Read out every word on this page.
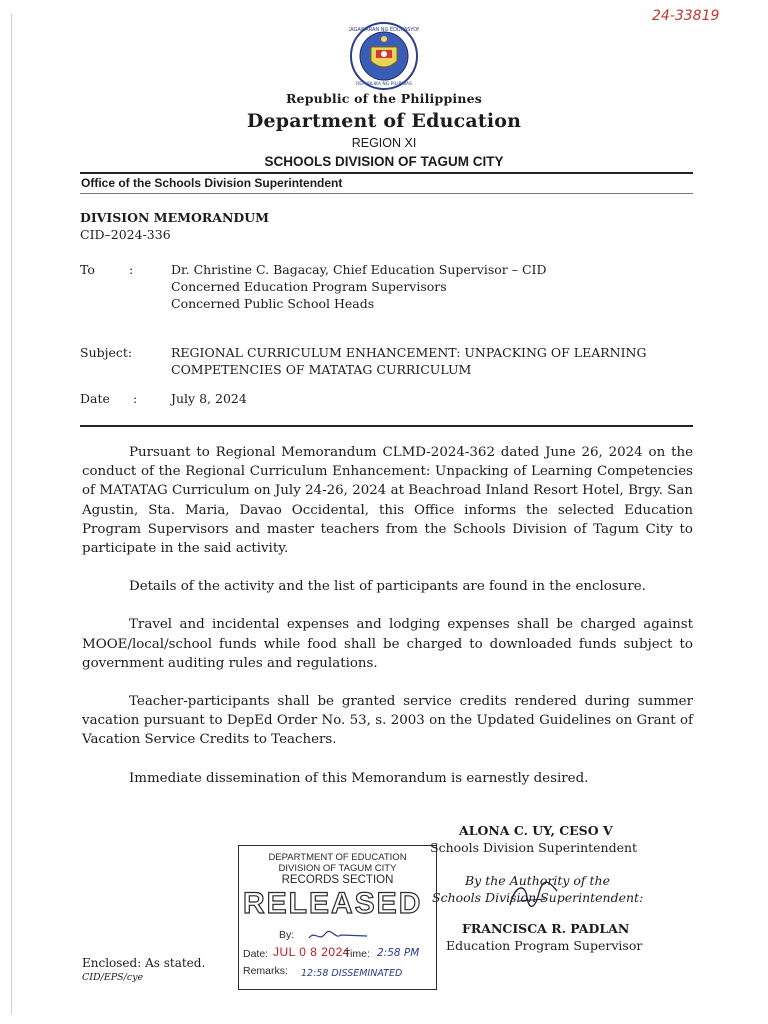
24-33819
KAGAWARAN NG EDUKASYON
REPUBLIKA NG PILIPINAS
Republic of the Philippines
Department of Education
REGION XI
SCHOOLS DIVISION OF TAGUM CITY
Office of the Schools Division Superintendent
DIVISION MEMORANDUM
CID–2024-336
To	:	Dr. Christine C. Bagacay, Chief Education Supervisor – CID
Concerned Education Program Supervisors
Concerned Public School Heads
Subject:	REGIONAL CURRICULUM ENHANCEMENT: UNPACKING OF LEARNING
COMPETENCIES OF MATATAG CURRICULUM
Date :	July 8, 2024

Pursuant to Regional Memorandum CLMD-2024-362 dated June 26, 2024 on the conduct of the Regional Curriculum Enhancement: Unpacking of Learning Competencies of MATATAG Curriculum on July 24-26, 2024 at Beachroad Inland Resort Hotel, Brgy. San Agustin, Sta. Maria, Davao Occidental, this Office informs the selected Education Program Supervisors and master teachers from the Schools Division of Tagum City to participate in the said activity.

Details of the activity and the list of participants are found in the enclosure.

Travel and incidental expenses and lodging expenses shall be charged against MOOE/local/school funds while food shall be charged to downloaded funds subject to government auditing rules and regulations.

Teacher-participants shall be granted service credits rendered during summer vacation pursuant to DepEd Order No. 53, s. 2003 on the Updated Guidelines on Grant of Vacation Service Credits to Teachers.

Immediate dissemination of this Memorandum is earnestly desired.

ALONA C. UY, CESO V
Schools Division Superintendent
By the Authority of the
Schools Division Superintendent:
FRANCISCA R. PADLAN
Education Program Supervisor
Enclosed: As stated.
CID/EPS/cye
DEPARTMENT OF EDUCATION
DIVISION OF TAGUM CITY
RECORDS SECTION
RELEASED
By:
Date: JUL 0 8 2024
Time: 2:58 PM
Remarks: 12:58 DISSEMINATED
